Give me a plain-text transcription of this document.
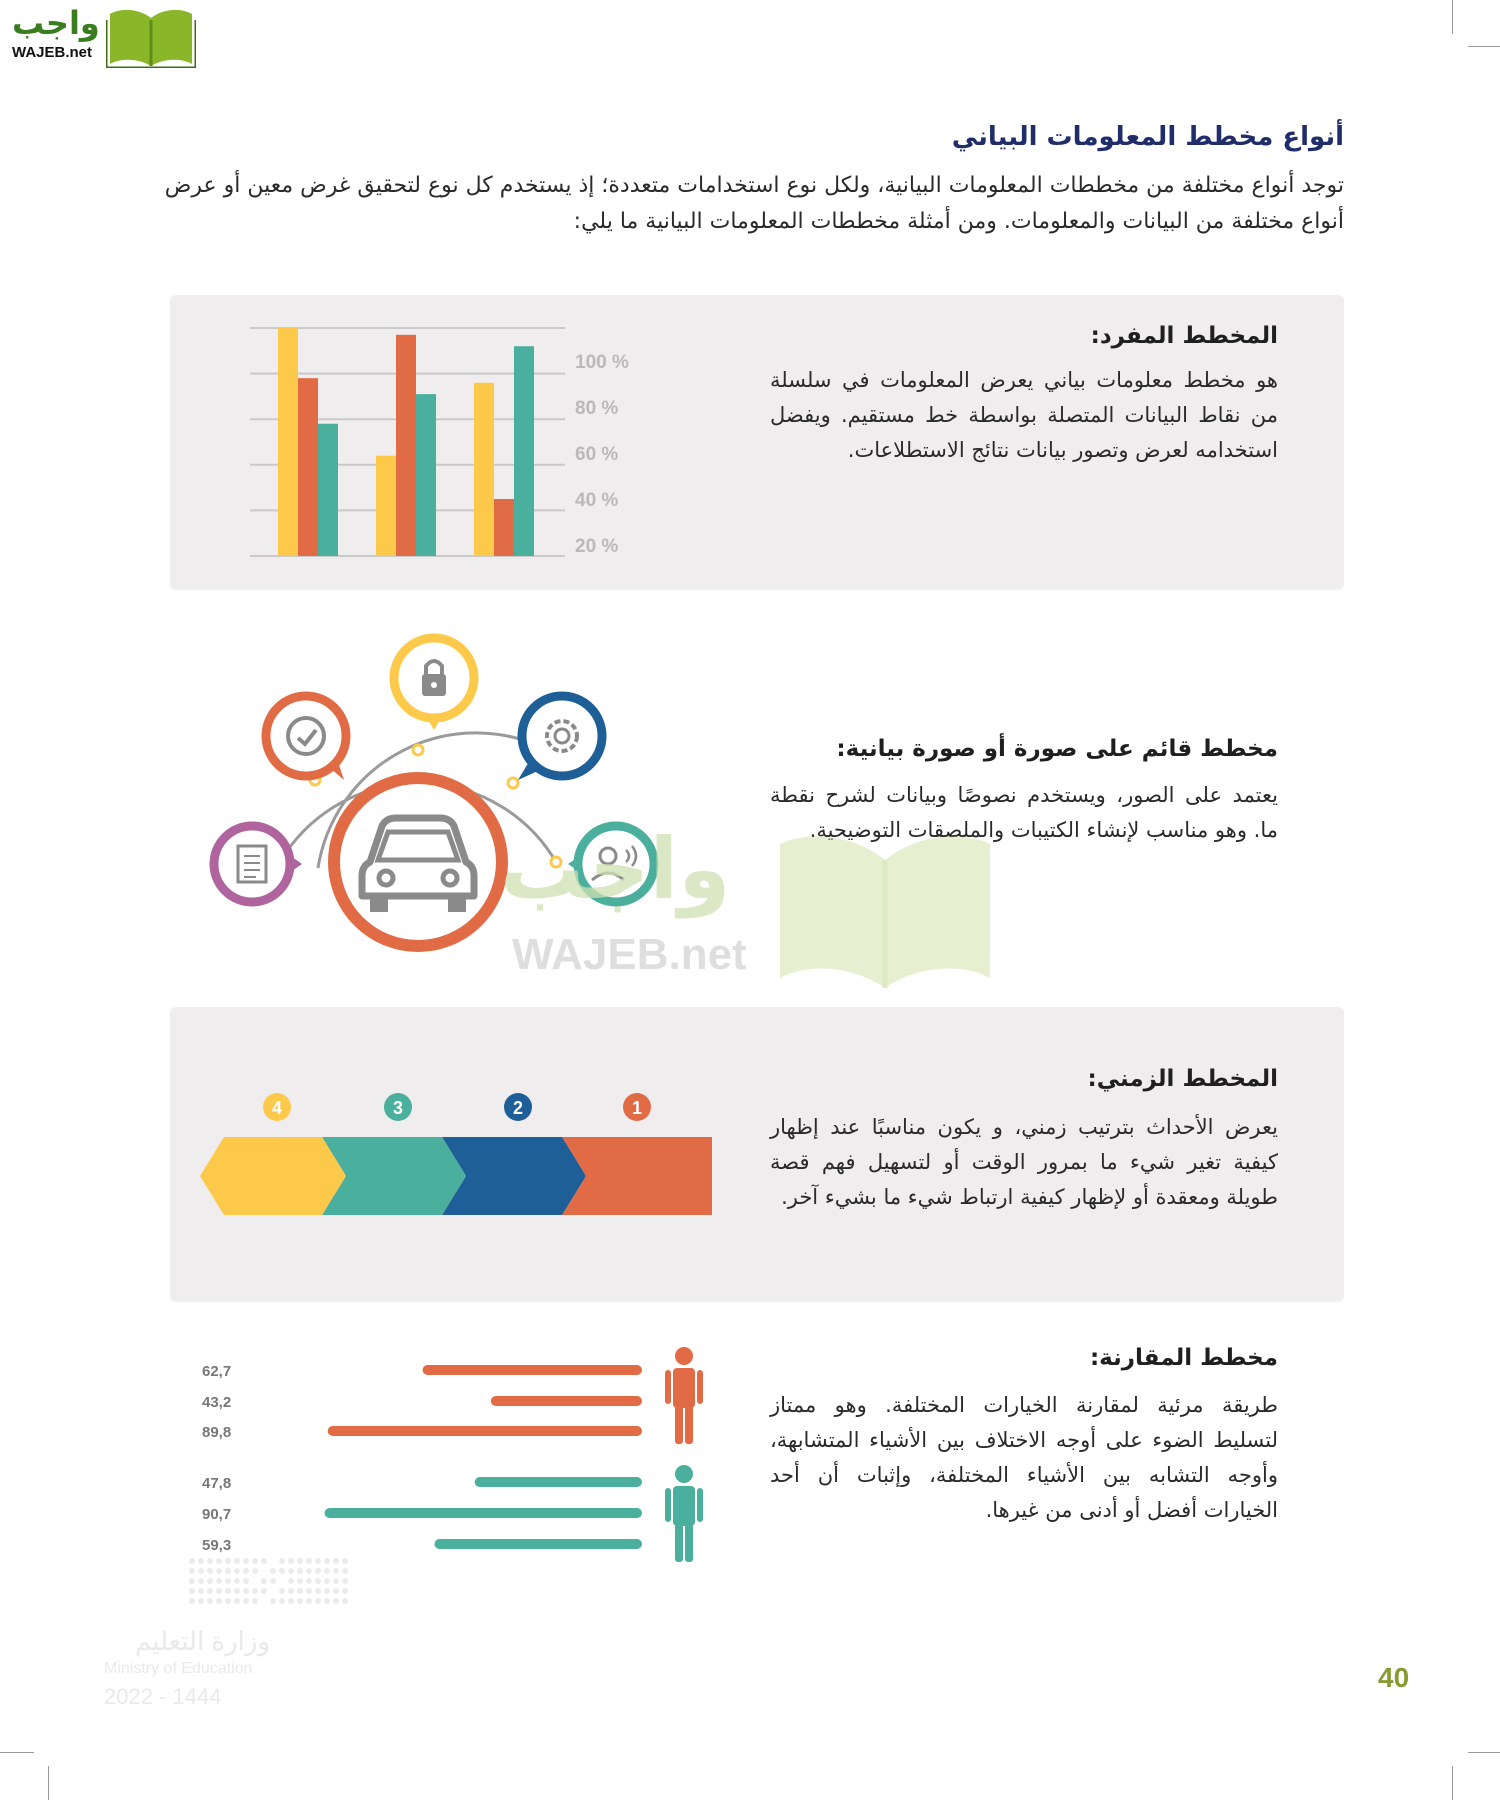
واجب
WAJEB.net
أنواع مخطط المعلومات البياني
توجد أنواع مختلفة من مخططات المعلومات البيانية، ولكل نوع استخدامات متعددة؛ إذ يستخدم كل نوع لتحقيق غرض معين أو عرض أنواع مختلفة من البيانات والمعلومات. ومن أمثلة مخططات المعلومات البيانية ما يلي:
المخطط المفرد:
هو مخطط معلومات بياني يعرض المعلومات في سلسلة من نقاط البيانات المتصلة بواسطة خط مستقيم. ويفضل استخدامه لعرض وتصور بيانات نتائج الاستطلاعات.
100 %
80 %
60 %
40 %
20 %
مخطط قائم على صورة أو صورة بيانية:
يعتمد على الصور، ويستخدم نصوصًا وبيانات لشرح نقطة ما. وهو مناسب لإنشاء الكتيبات والملصقات التوضيحية.
واجب
WAJEB.net
المخطط الزمني:
يعرض الأحداث بترتيب زمني، و يكون مناسبًا عند إظهار كيفية تغير شيء ما بمرور الوقت أو لتسهيل فهم قصة طويلة ومعقدة أو لإظهار كيفية ارتباط شيء ما بشيء آخر.
1
2
3
4
مخطط المقارنة:
طريقة مرئية لمقارنة الخيارات المختلفة. وهو ممتاز لتسليط الضوء على أوجه الاختلاف بين الأشياء المتشابهة، وأوجه التشابه بين الأشياء المختلفة، وإثبات أن أحد الخيارات أفضل أو أدنى من غيرها.
62,7
43,2
89,8
47,8
90,7
59,3
وزارة التعليم
Ministry of Education
2022 - 1444
40
